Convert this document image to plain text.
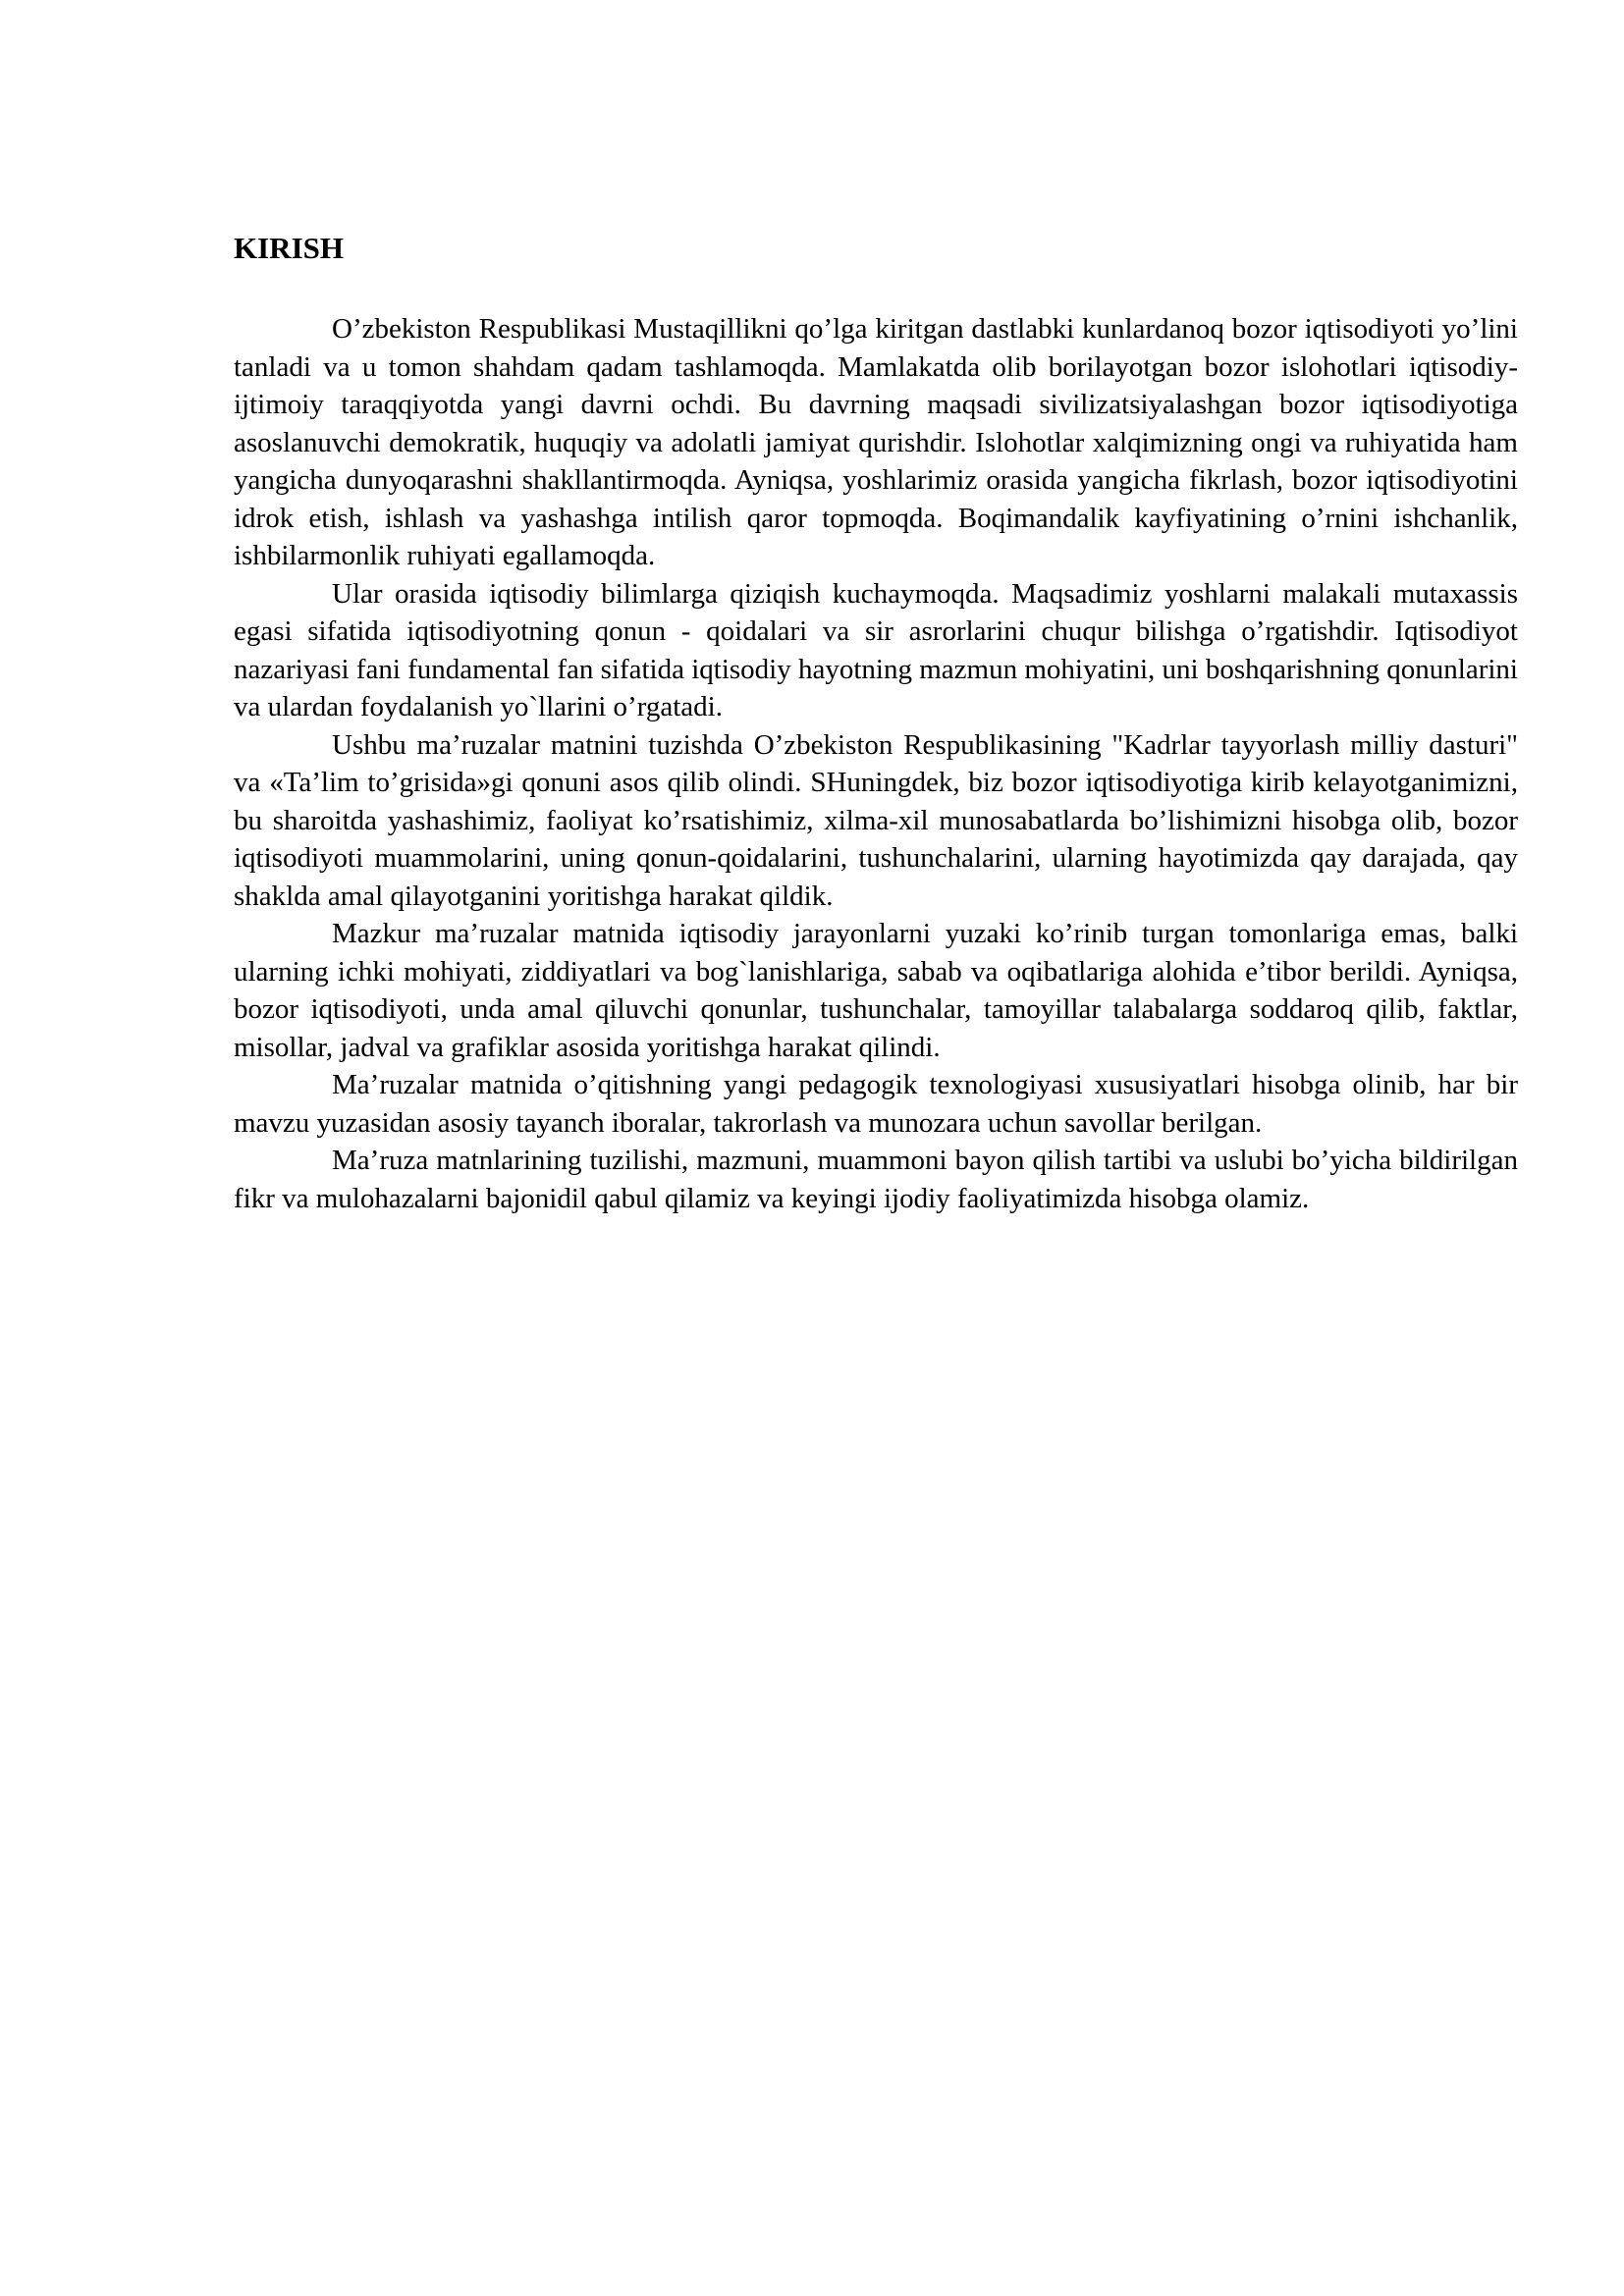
KIRISH

O’zbekiston Respublikasi Mustaqillikni qo’lga kiritgan dastlabki kunlardanoq bozor iqtisodiyoti yo’lini tanladi va u tomon shahdam qadam tashlamoqda. Mamlakatda olib borilayotgan bozor islohotlari iqtisodiy-ijtimoiy taraqqiyotda yangi davrni ochdi. Bu davrning maqsadi sivilizatsiyalashgan bozor iqtisodiyotiga asoslanuvchi demokratik, huquqiy va adolatli jamiyat qurishdir. Islohotlar xalqimizning ongi va ruhiyatida ham yangicha dunyoqarashni shakllantirmoqda. Ayniqsa, yoshlarimiz orasida yangicha fikrlash, bozor iqtisodiyotini idrok etish, ishlash va yashashga intilish qaror topmoqda. Boqimandalik kayfiyatining o’rnini ishchanlik, ishbilarmonlik ruhiyati egallamoqda.

Ular orasida iqtisodiy bilimlarga qiziqish kuchaymoqda. Maqsadimiz yoshlarni malakali mutaxassis egasi sifatida iqtisodiyotning qonun - qoidalari va sir asrorlarini chuqur bilishga o’rgatishdir. Iqtisodiyot nazariyasi fani fundamental fan sifatida iqtisodiy hayotning mazmun mohiyatini, uni boshqarishning qonunlarini va ulardan foydalanish yo`llarini o’rgatadi.

Ushbu ma’ruzalar matnini tuzishda O’zbekiston Respublikasining "Kadrlar tayyorlash milliy dasturi" va «Ta’lim to’grisida»gi qonuni asos qilib olindi. SHuningdek, biz bozor iqtisodiyotiga kirib kelayotganimizni, bu sharoitda yashashimiz, faoliyat ko’rsatishimiz, xilma-xil munosabatlarda bo’lishimizni hisobga olib, bozor iqtisodiyoti muammolarini, uning qonun-qoidalarini, tushunchalarini, ularning hayotimizda qay darajada, qay shaklda amal qilayotganini yoritishga harakat qildik.

Mazkur ma’ruzalar matnida iqtisodiy jarayonlarni yuzaki ko’rinib turgan tomonlariga emas, balki ularning ichki mohiyati, ziddiyatlari va bog`lanishlariga, sabab va oqibatlariga alohida e’tibor berildi. Ayniqsa, bozor iqtisodiyoti, unda amal qiluvchi qonunlar, tushunchalar, tamoyillar talabalarga soddaroq qilib, faktlar, misollar, jadval va grafiklar asosida yoritishga harakat qilindi.

Ma’ruzalar matnida o’qitishning yangi pedagogik texnologiyasi xususiyatlari hisobga olinib, har bir mavzu yuzasidan asosiy tayanch iboralar, takrorlash va munozara uchun savollar berilgan.

Ma’ruza matnlarining tuzilishi, mazmuni, muammoni bayon qilish tartibi va uslubi bo’yicha bildirilgan fikr va mulohazalarni bajonidil qabul qilamiz va keyingi ijodiy faoliyatimizda hisobga olamiz.
